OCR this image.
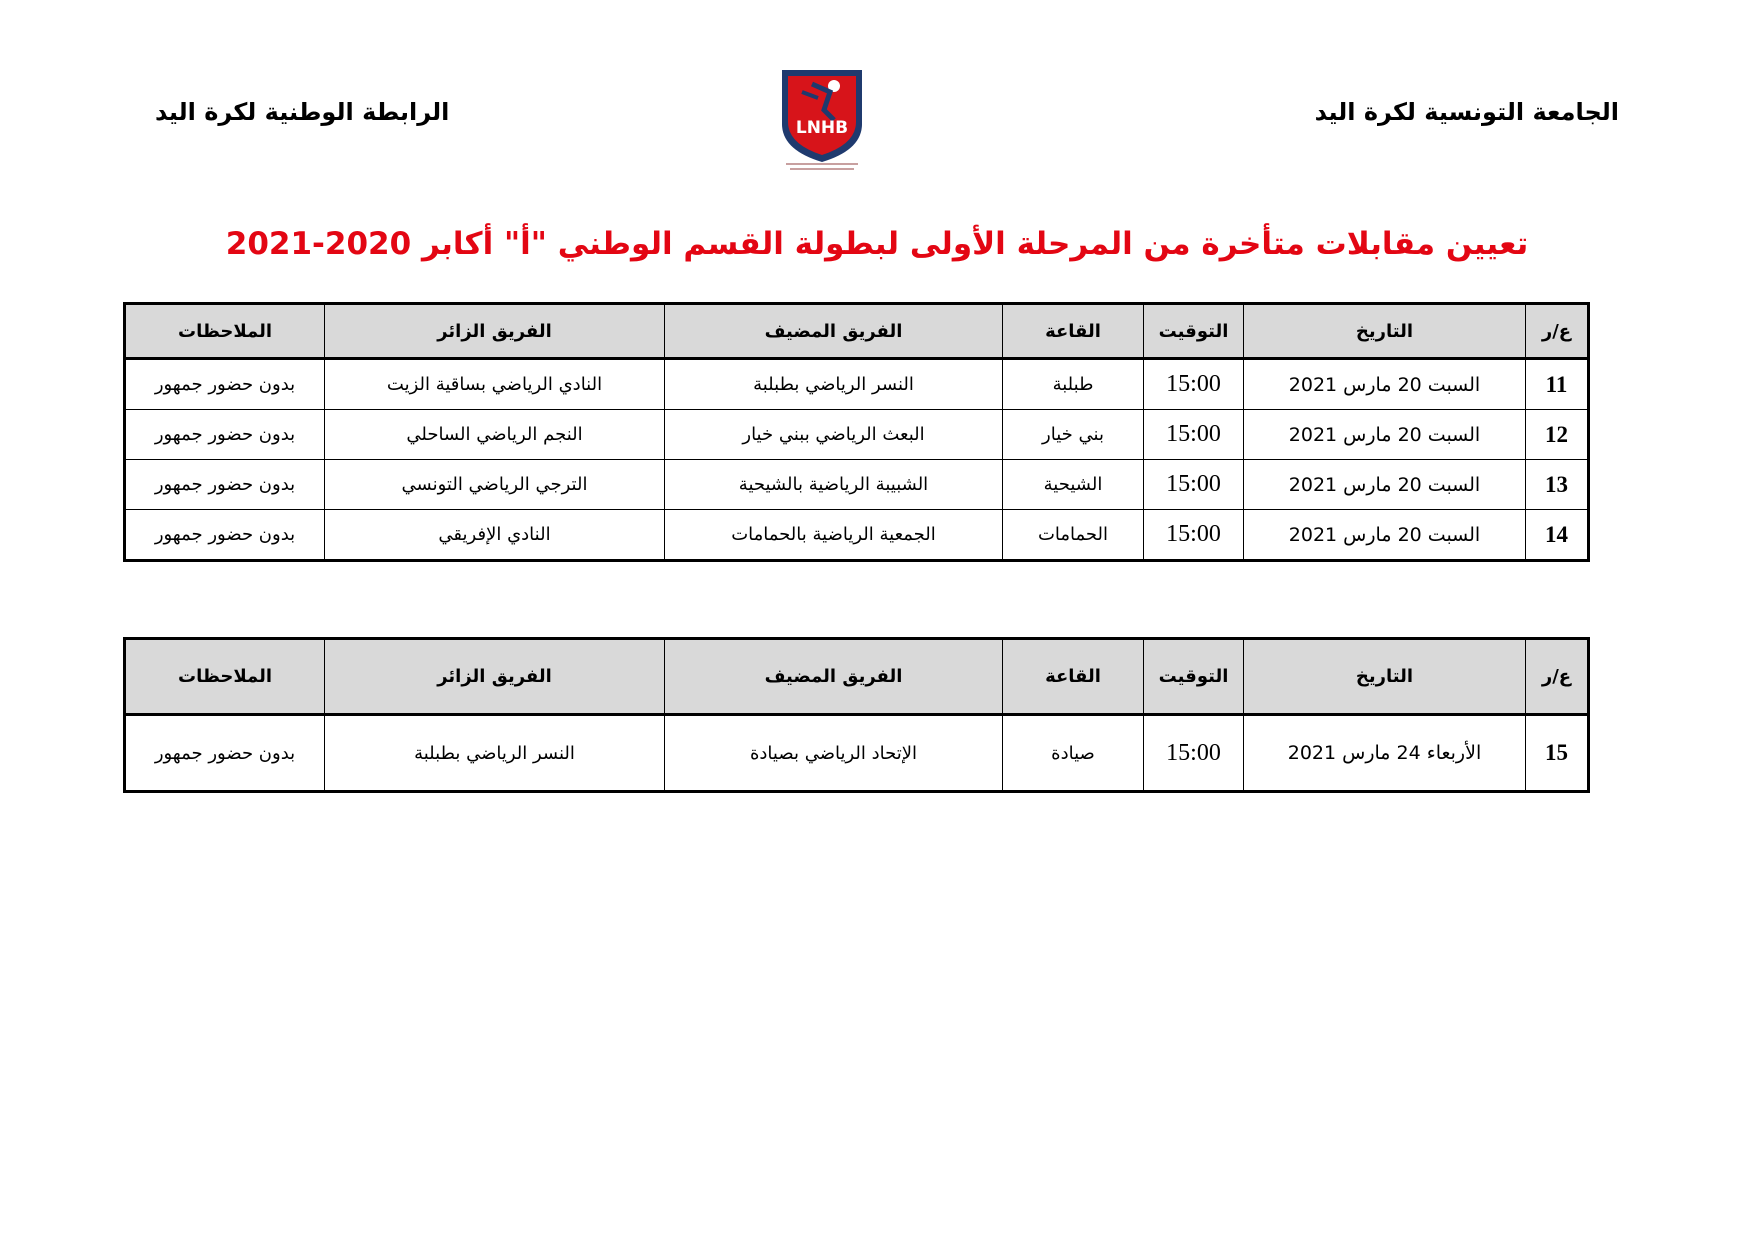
الجامعة التونسية لكرة اليد
الرابطة الوطنية لكرة اليد
LNHB
تعيين مقابلات متأخرة من المرحلة الأولى لبطولة القسم الوطني "أ" أكابر 2020-2021
ع/ر	التاريخ	التوقيت	القاعة	الفريق المضيف	الفريق الزائر	الملاحظات
11	السبت 20 مارس 2021	15:00	طبلبة	النسر الرياضي بطبلبة	النادي الرياضي بساقية الزيت	بدون حضور جمهور
12	السبت 20 مارس 2021	15:00	بني خيار	البعث الرياضي ببني خيار	النجم الرياضي الساحلي	بدون حضور جمهور
13	السبت 20 مارس 2021	15:00	الشيحية	الشبيبة الرياضية بالشيحية	الترجي الرياضي التونسي	بدون حضور جمهور
14	السبت 20 مارس 2021	15:00	الحمامات	الجمعية الرياضية بالحمامات	النادي الإفريقي	بدون حضور جمهور
ع/ر	التاريخ	التوقيت	القاعة	الفريق المضيف	الفريق الزائر	الملاحظات
15	الأربعاء 24 مارس 2021	15:00	صيادة	الإتحاد الرياضي بصيادة	النسر الرياضي بطبلبة	بدون حضور جمهور
